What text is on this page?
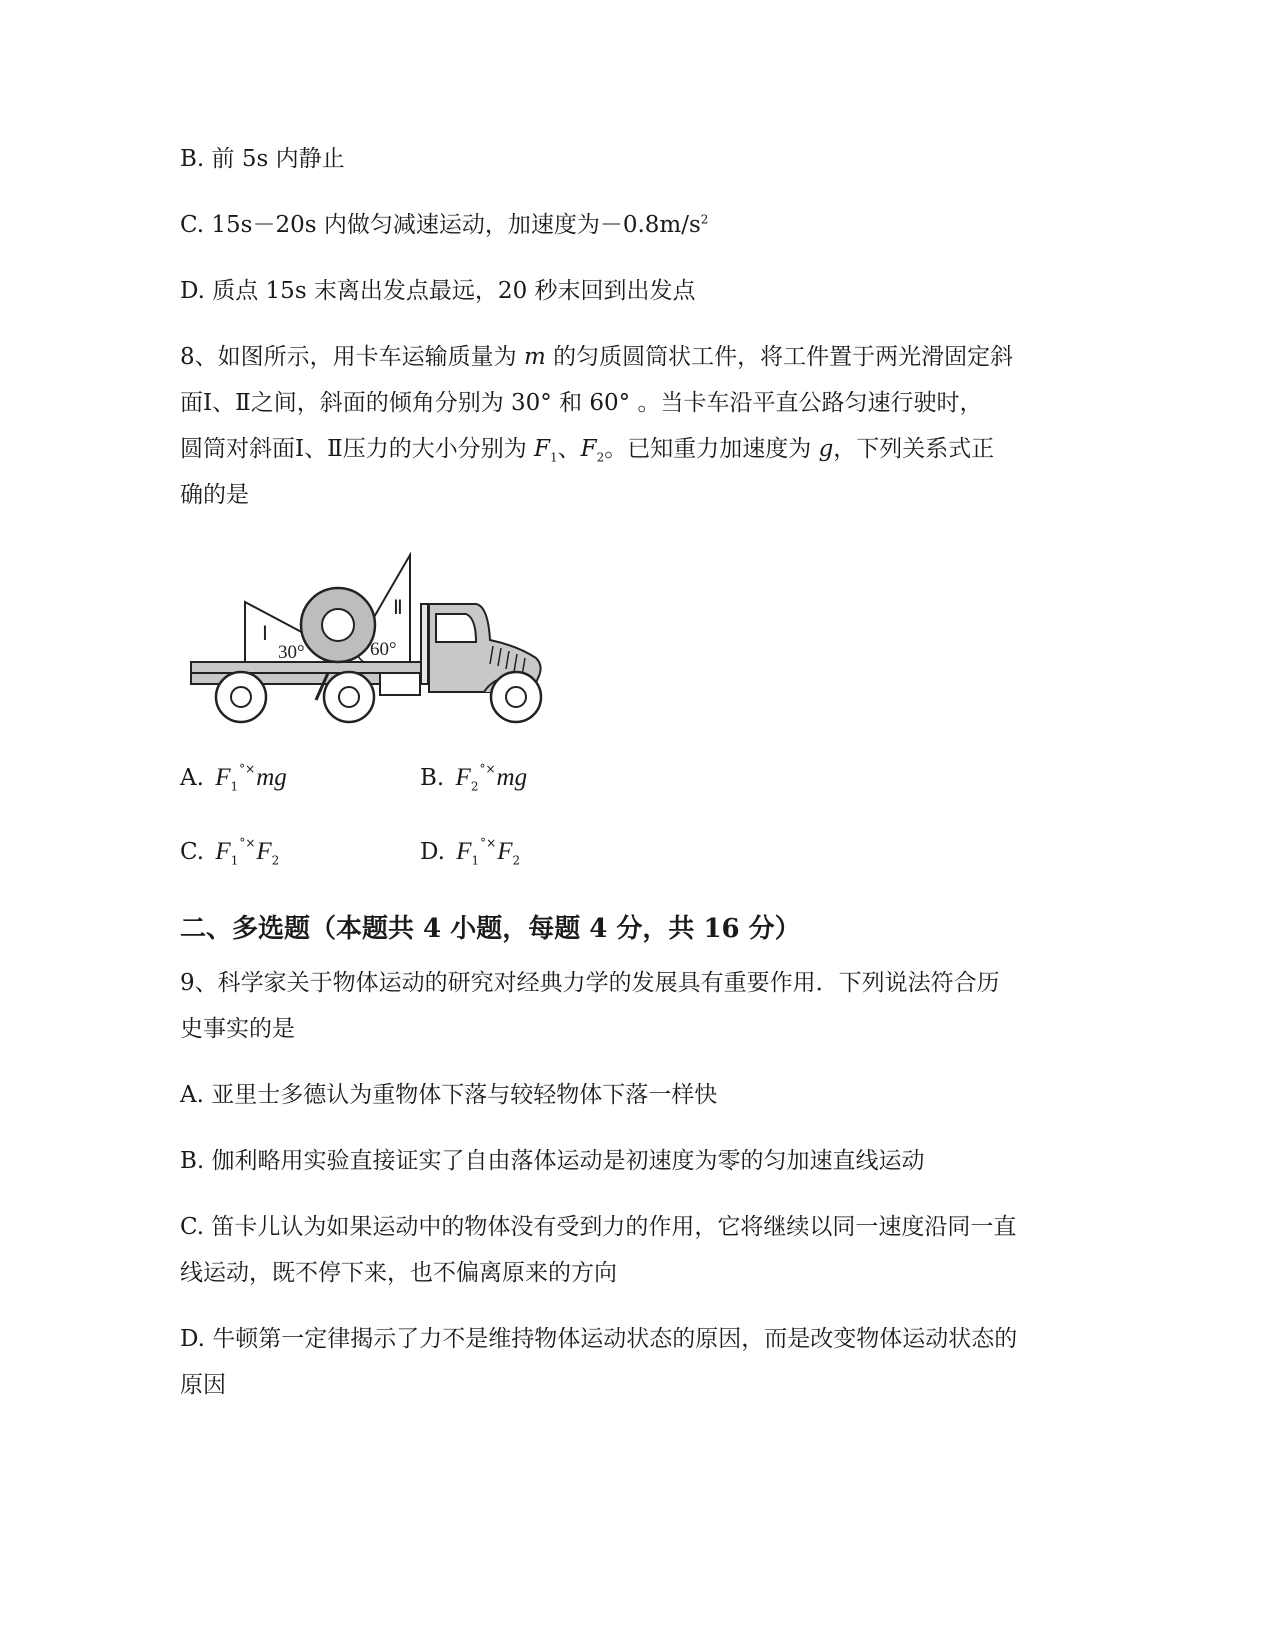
B. 前 5s 内静止
C. 15s－20s 内做匀减速运动，加速度为$-0.8m/s^2$
D. 质点 15s 末离出发点最远，20 秒末回到出发点
8、如图所示，用卡车运输质量为 m 的匀质圆筒状工件，将工件置于两光滑固定斜
面Ⅰ、Ⅱ之间，斜面的倾角分别为 30° 和 60° 。当卡车沿平直公路匀速行驶时，
圆筒对斜面Ⅰ、Ⅱ压力的大小分别为 $F_1$、$F_2$。已知重力加速度为 g，下列关系式正
确的是
Ⅰ
Ⅱ
30°	60°
A. $F_1^{^\circ\times}mg$	B. $F_2^{^\circ\times}mg$
C. $F_1^{^\circ\times}F_2$	D. $F_1^{^\circ\times}F_2$
二、多选题（本题共 4 小题，每题 4 分，共 16 分）
9、科学家关于物体运动的研究对经典力学的发展具有重要作用．下列说法符合历
史事实的是
A. 亚里士多德认为重物体下落与较轻物体下落一样快
B. 伽利略用实验直接证实了自由落体运动是初速度为零的匀加速直线运动
C. 笛卡儿认为如果运动中的物体没有受到力的作用，它将继续以同一速度沿同一直
线运动，既不停下来，也不偏离原来的方向
D. 牛顿第一定律揭示了力不是维持物体运动状态的原因，而是改变物体运动状态的
原因
